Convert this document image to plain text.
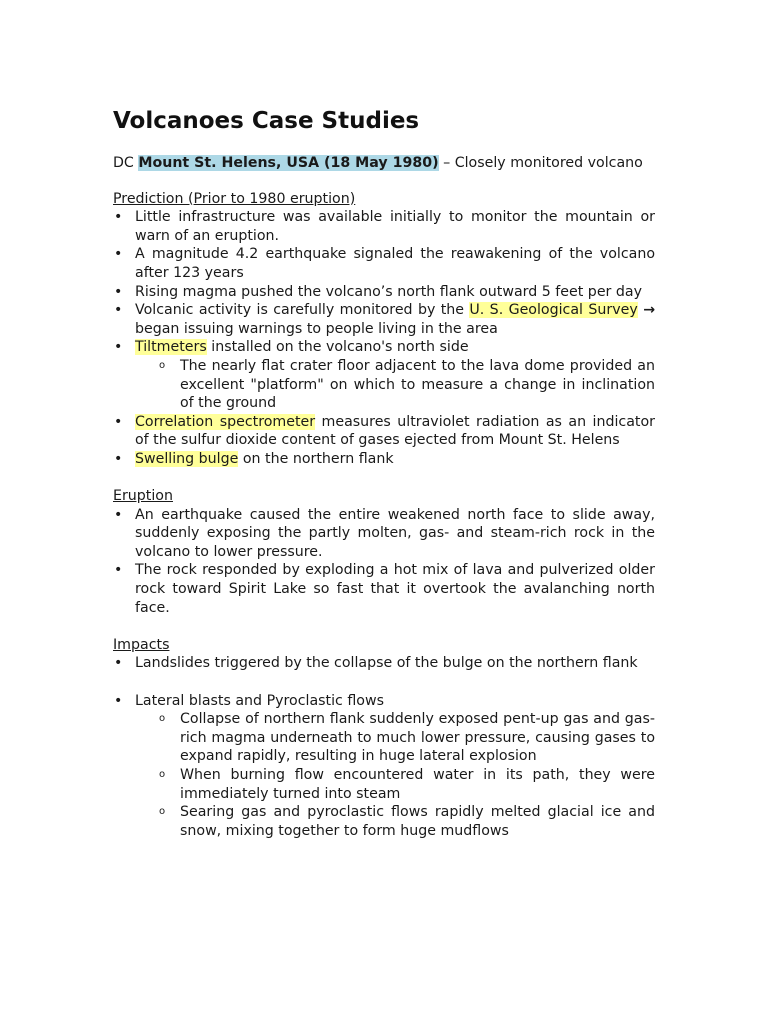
Volcanoes Case Studies
DC Mount St. Helens, USA (18 May 1980) – Closely monitored volcano
Prediction (Prior to 1980 eruption)
• Little infrastructure was available initially to monitor the mountain or warn of an eruption.
• A magnitude 4.2 earthquake signaled the reawakening of the volcano after 123 years
• Rising magma pushed the volcano’s north flank outward 5 feet per day
• Volcanic activity is carefully monitored by the U. S. Geological Survey → began issuing warnings to people living in the area
• Tiltmeters installed on the volcano's north side
o The nearly flat crater floor adjacent to the lava dome provided an excellent "platform" on which to measure a change in inclination of the ground
• Correlation spectrometer measures ultraviolet radiation as an indicator of the sulfur dioxide content of gases ejected from Mount St. Helens
• Swelling bulge on the northern flank
Eruption
• An earthquake caused the entire weakened north face to slide away, suddenly exposing the partly molten, gas- and steam-rich rock in the volcano to lower pressure.
• The rock responded by exploding a hot mix of lava and pulverized older rock toward Spirit Lake so fast that it overtook the avalanching north face.
Impacts
• Landslides triggered by the collapse of the bulge on the northern flank
• Lateral blasts and Pyroclastic flows
o Collapse of northern flank suddenly exposed pent-up gas and gas-rich magma underneath to much lower pressure, causing gases to expand rapidly, resulting in huge lateral explosion
o When burning flow encountered water in its path, they were immediately turned into steam
o Searing gas and pyroclastic flows rapidly melted glacial ice and snow, mixing together to form huge mudflows
